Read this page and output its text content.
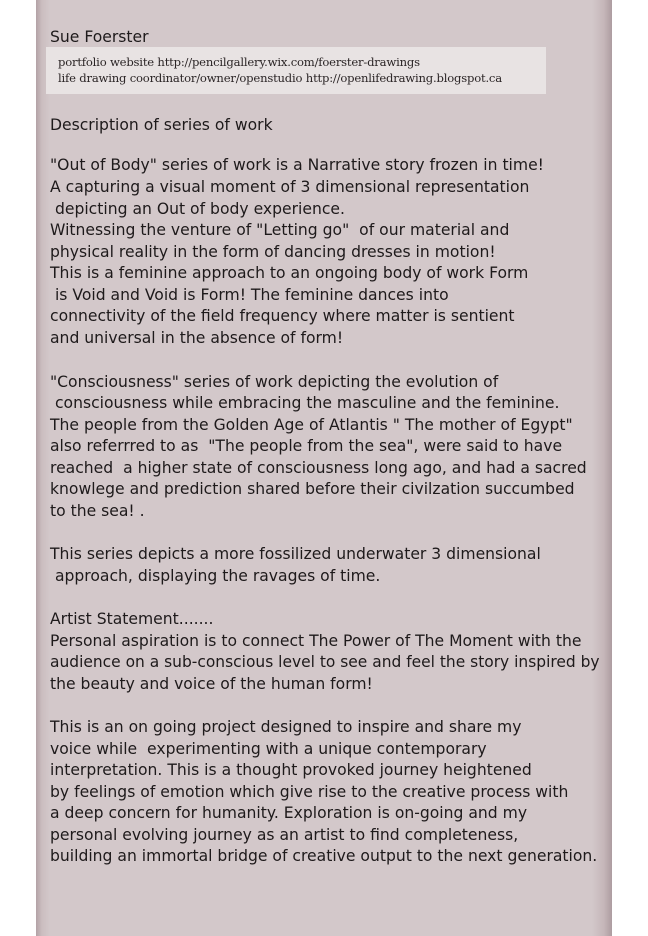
Sue Foerster
portfolio website http://pencilgallery.wix.com/foerster-drawings
life drawing coordinator/owner/openstudio http://openlifedrawing.blogspot.ca
Description of series of work
"Out of Body" series of work is a Narrative story frozen in time!
A capturing a visual moment of 3 dimensional representation
depicting an Out of body experience.
Witnessing the venture of "Letting go"  of our material and
physical reality in the form of dancing dresses in motion!
This is a feminine approach to an ongoing body of work Form
is Void and Void is Form! The feminine dances into
connectivity of the field frequency where matter is sentient
and universal in the absence of form!
"Consciousness" series of work depicting the evolution of
consciousness while embracing the masculine and the feminine.
The people from the Golden Age of Atlantis " The mother of Egypt"
also referrred to as  "The people from the sea", were said to have
reached  a higher state of consciousness long ago, and had a sacred
knowlege and prediction shared before their civilzation succumbed
to the sea! .
This series depicts a more fossilized underwater 3 dimensional
approach, displaying the ravages of time.
Artist Statement.......
Personal aspiration is to connect The Power of The Moment with the
audience on a sub-conscious level to see and feel the story inspired by
the beauty and voice of the human form!
This is an on going project designed to inspire and share my
voice while  experimenting with a unique contemporary
interpretation. This is a thought provoked journey heightened
by feelings of emotion which give rise to the creative process with
a deep concern for humanity. Exploration is on-going and my
personal evolving journey as an artist to find completeness,
building an immortal bridge of creative output to the next generation.
